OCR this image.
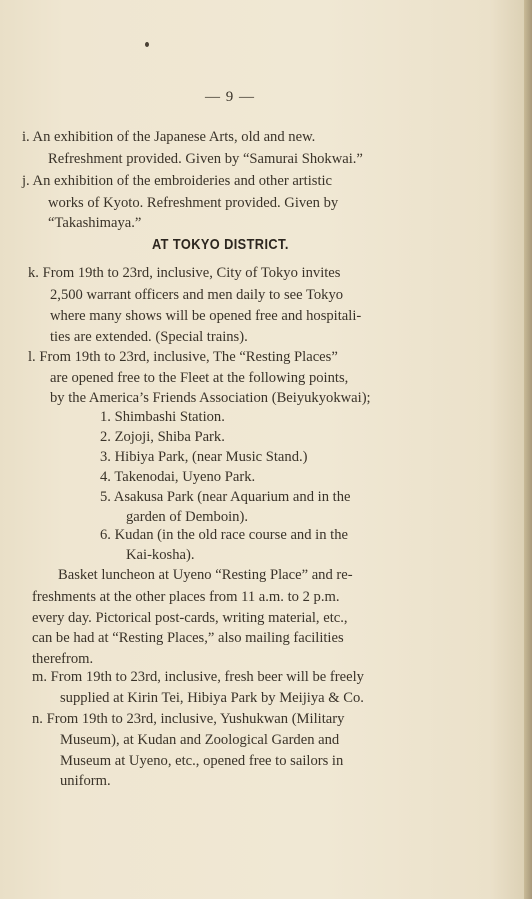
— 9 —
i. An exhibition of the Japanese Arts, old and new.
Refreshment provided. Given by “Samurai Shokwai.”
j. An exhibition of the embroideries and other artistic
works of Kyoto. Refreshment provided. Given by
“Takashimaya.”
AT TOKYO DISTRICT.
k. From 19th to 23rd, inclusive, City of Tokyo invites
2,500 warrant officers and men daily to see Tokyo
where many shows will be opened free and hospitali-
ties are extended. (Special trains).
l. From 19th to 23rd, inclusive, The “Resting Places”
are opened free to the Fleet at the following points,
by the America’s Friends Association (Beiyukyokwai);
1. Shimbashi Station.
2. Zojoji, Shiba Park.
3. Hibiya Park, (near Music Stand.)
4. Takenodai, Uyeno Park.
5. Asakusa Park (near Aquarium and in the
garden of Demboin).
6. Kudan (in the old race course and in the
Kai-kosha).
Basket luncheon at Uyeno “Resting Place” and re-
freshments at the other places from 11 a.m. to 2 p.m.
every day. Pictorical post-cards, writing material, etc.,
can be had at “Resting Places,” also mailing facilities
therefrom.
m. From 19th to 23rd, inclusive, fresh beer will be freely
supplied at Kirin Tei, Hibiya Park by Meijiya & Co.
n. From 19th to 23rd, inclusive, Yushukwan (Military
Museum), at Kudan and Zoological Garden and
Museum at Uyeno, etc., opened free to sailors in
uniform.
